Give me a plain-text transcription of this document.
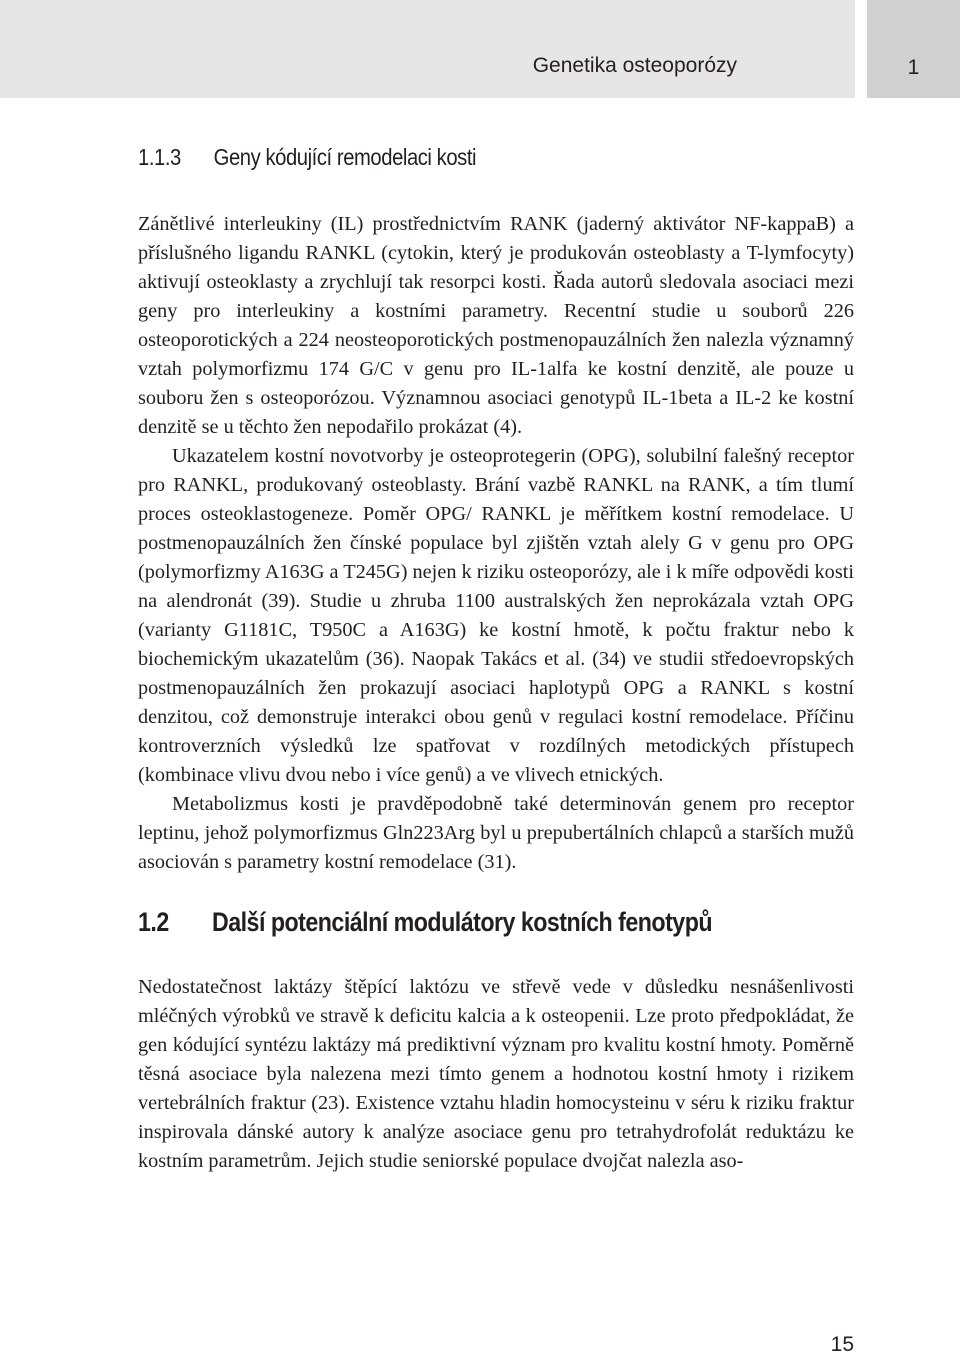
Genetika osteoporózy	1
1.1.3 Geny kódující remodelaci kosti

Zánětlivé interleukiny (IL) prostřednictvím RANK (jaderný aktivátor NF-kappaB) a příslušného ligandu RANKL (cytokin, který je produkován osteoblasty a T-lymfocyty) aktivují osteoklasty a zrychlují tak resorpci kosti. Řada autorů sledovala asociaci mezi geny pro interleukiny a kostními parametry. Recentní studie u souborů 226 osteoporotických a 224 neosteoporotických postmenopauzálních žen nalezla významný vztah polymorfizmu 174 G/C v genu pro IL-1alfa ke kostní denzitě, ale pouze u souboru žen s osteoporózou. Významnou asociaci genotypů IL-1beta a IL-2 ke kostní denzitě se u těchto žen nepodařilo prokázat (4).

Ukazatelem kostní novotvorby je osteoprotegerin (OPG), solubilní falešný receptor pro RANKL, produkovaný osteoblasty. Brání vazbě RANKL na RANK, a tím tlumí proces osteoklastogeneze. Poměr OPG/ RANKL je měřítkem kostní remodelace. U postmenopauzálních žen čínské populace byl zjištěn vztah alely G v genu pro OPG (polymorfizmy A163G a T245G) nejen k riziku osteoporózy, ale i k míře odpovědi kosti na alendronát (39). Studie u zhruba 1100 australských žen neprokázala vztah OPG (varianty G1181C, T950C a A163G) ke kostní hmotě, k počtu fraktur nebo k biochemickým ukazatelům (36). Naopak Takács et al. (34) ve studii středoevropských postmenopauzálních žen prokazují asociaci haplotypů OPG a RANKL s kostní denzitou, což demonstruje interakci obou genů v regulaci kostní remodelace. Příčinu kontroverzních výsledků lze spatřovat v rozdílných metodických přístupech (kombinace vlivu dvou nebo i více genů) a ve vlivech etnických.

Metabolizmus kosti je pravděpodobně také determinován genem pro receptor leptinu, jehož polymorfizmus Gln223Arg byl u prepubertálních chlapců a starších mužů asociován s parametry kostní remodelace (31).

1.2 Další potenciální modulátory kostních fenotypů

Nedostatečnost laktázy štěpící laktózu ve střevě vede v důsledku nesnášenlivosti mléčných výrobků ve stravě k deficitu kalcia a k osteopenii. Lze proto předpokládat, že gen kódující syntézu laktázy má prediktivní význam pro kvalitu kostní hmoty. Poměrně těsná asociace byla nalezena mezi tímto genem a hodnotou kostní hmoty i rizikem vertebrálních fraktur (23). Existence vztahu hladin homocysteinu v séru k riziku fraktur inspirovala dánské autory k analýze asociace genu pro tetrahydrofolát reduktázu ke kostním parametrům. Jejich studie seniorské populace dvojčat nalezla aso-

15
